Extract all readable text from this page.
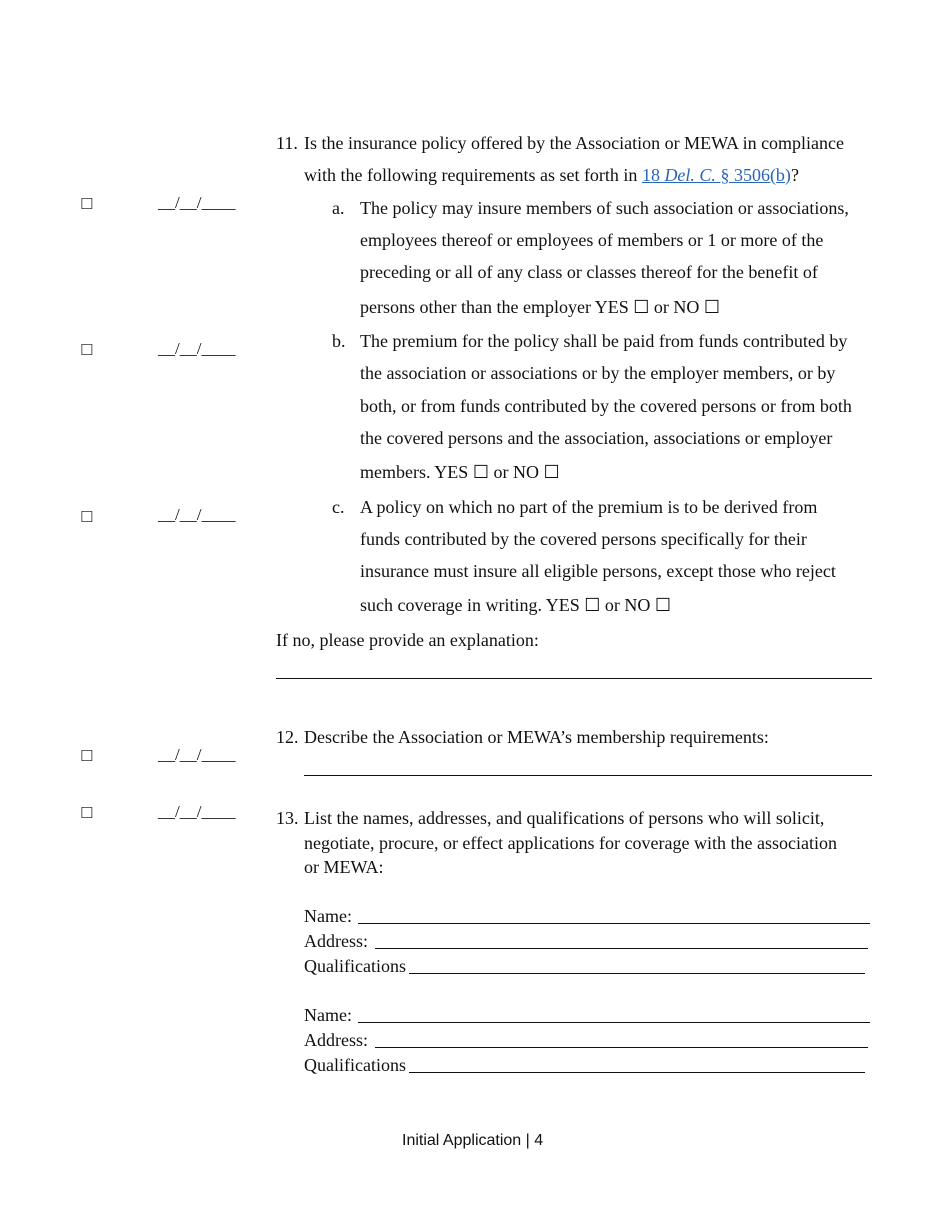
☐	__/__/____
☐	__/__/____
☐	__/__/____
☐	__/__/____
☐	__/__/____
11. Is the insurance policy offered by the Association or MEWA in compliance
with the following requirements as set forth in 18 Del. C. § 3506(b)?
a. The policy may insure members of such association or associations,
employees thereof or employees of members or 1 or more of the
preceding or all of any class or classes thereof for the benefit of
persons other than the employer YES ☐ or NO ☐
b. The premium for the policy shall be paid from funds contributed by
the association or associations or by the employer members, or by
both, or from funds contributed by the covered persons or from both
the covered persons and the association, associations or employer
members. YES ☐ or NO ☐
c. A policy on which no part of the premium is to be derived from
funds contributed by the covered persons specifically for their
insurance must insure all eligible persons, except those who reject
such coverage in writing. YES ☐ or NO ☐
If no, please provide an explanation:
12. Describe the Association or MEWA’s membership requirements:
13. List the names, addresses, and qualifications of persons who will solicit,
negotiate, procure, or effect applications for coverage with the association
or MEWA:
Name:
Address:
Qualifications
Name:
Address:
Qualifications
Initial Application | 4
